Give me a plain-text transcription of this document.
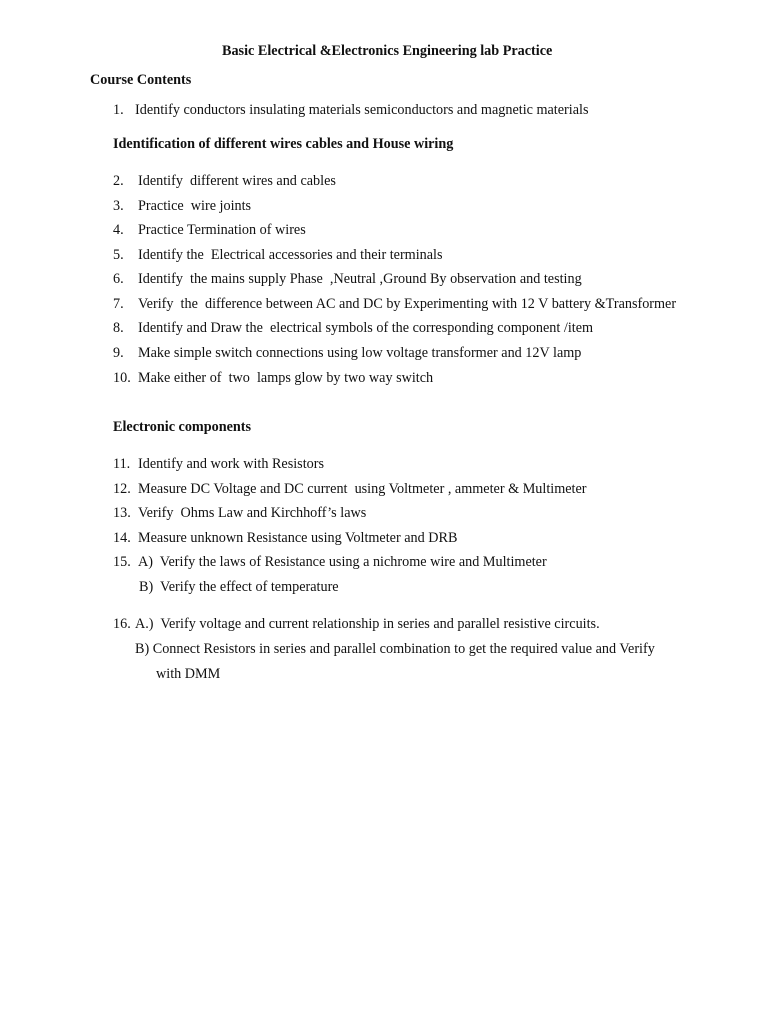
Basic Electrical &Electronics Engineering lab Practice
Course Contents
1. Identify conductors insulating materials semiconductors and magnetic materials
Identification of different wires cables and House wiring
2. Identify  different wires and cables
3. Practice  wire joints
4. Practice Termination of wires
5. Identify the  Electrical accessories and their terminals
6. Identify  the mains supply Phase  ,Neutral ,Ground By observation and testing
7. Verify  the  difference between AC and DC by Experimenting with 12 V battery &Transformer
8. Identify and Draw the  electrical symbols of the corresponding component /item
9. Make simple switch connections using low voltage transformer and 12V lamp
10. Make either of  two  lamps glow by two way switch
Electronic components
11. Identify and work with Resistors
12. Measure DC Voltage and DC current  using Voltmeter , ammeter & Multimeter
13. Verify  Ohms Law and Kirchhoff’s laws
14. Measure unknown Resistance using Voltmeter and DRB
15. A)  Verify the laws of Resistance using a nichrome wire and Multimeter
B)  Verify the effect of temperature
16. A.)  Verify voltage and current relationship in series and parallel resistive circuits.
B) Connect Resistors in series and parallel combination to get the required value and Verify
with DMM
